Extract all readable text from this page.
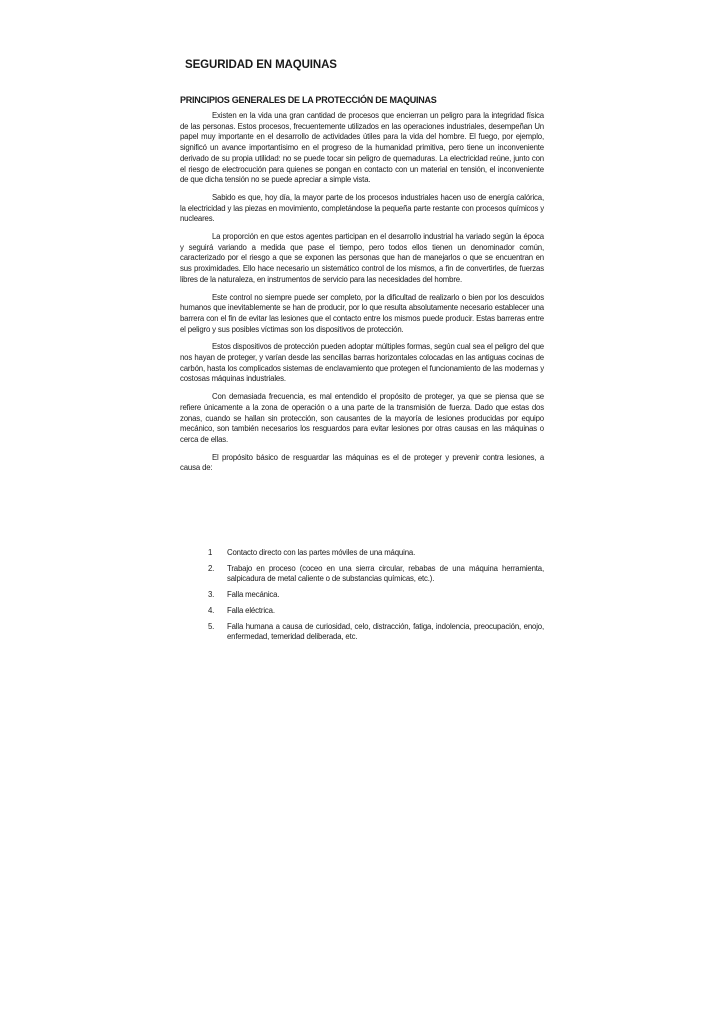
SEGURIDAD EN MAQUINAS
PRINCIPIOS GENERALES DE LA PROTECCIÓN DE MAQUINAS

Existen en la vida una gran cantidad de procesos que encierran un peligro para la integridad física de las personas. Estos procesos, frecuentemente utilizados en las operaciones industriales, desempeñan Un papel muy importante en el desarrollo de actividades útiles para la vida del hombre. El fuego, por ejemplo, significó un avance importantísimo en el progreso de la humanidad primitiva, pero tiene un inconveniente derivado de su propia utilidad: no se puede tocar sin peligro de quemaduras. La electricidad reúne, junto con el riesgo de electrocución para quienes se pongan en contacto con un material en tensión, el inconveniente de que dicha tensión no se puede apreciar a simple vista.

Sabido es que, hoy día, la mayor parte de los procesos industriales hacen uso de energía calórica, la electricidad y las piezas en movimiento, completándose la pequeña parte restante con procesos químicos y nucleares.

La proporción en que estos agentes participan en el desarrollo industrial ha variado según la época y seguirá variando a medida que pase el tiempo, pero todos ellos tienen un denominador común, caracterizado por el riesgo a que se exponen las personas que han de manejarlos o que se encuentran en sus proximidades. Ello hace necesario un sistemático control de los mismos, a fin de convertirles, de fuerzas libres de la naturaleza, en instrumentos de servicio para las necesidades del hombre.

Este control no siempre puede ser completo, por la dificultad de realizarlo o bien por los descuidos humanos que inevitablemente se han de producir, por lo que resulta absolutamente necesario establecer una barrera con el fin de evitar las lesiones que el contacto entre los mismos puede producir. Estas barreras entre el peligro y sus posibles víctimas son los dispositivos de protección.

Estos dispositivos de protección pueden adoptar múltiples formas, según cual sea el peligro del que nos hayan de proteger, y varían desde las sencillas barras horizontales colocadas en las antiguas cocinas de carbón, hasta los complicados sistemas de enclavamiento que protegen el funcionamiento de las modernas y costosas máquinas industriales.

Con demasiada frecuencia, es mal entendido el propósito de proteger, ya que se piensa que se refiere únicamente a la zona de operación o a una parte de la transmisión de fuerza. Dado que estas dos zonas, cuando se hallan sin protección, son causantes de la mayoría de lesiones producidas por equipo mecánico, son también necesarios los resguardos para evitar lesiones por otras causas en las máquinas o cerca de ellas.

El propósito básico de resguardar las máquinas es el de proteger y prevenir contra lesiones, a causa de:

1 Contacto directo con las partes móviles de una máquina.
2. Trabajo en proceso (coceo en una sierra circular, rebabas de una máquina herramienta, salpicadura de metal caliente o de substancias químicas, etc.).
3. Falla mecánica.
4. Falla eléctrica.
5. Falla humana a causa de curiosidad, celo, distracción, fatiga, indolencia, preocupación, enojo, enfermedad, temeridad deliberada, etc.
